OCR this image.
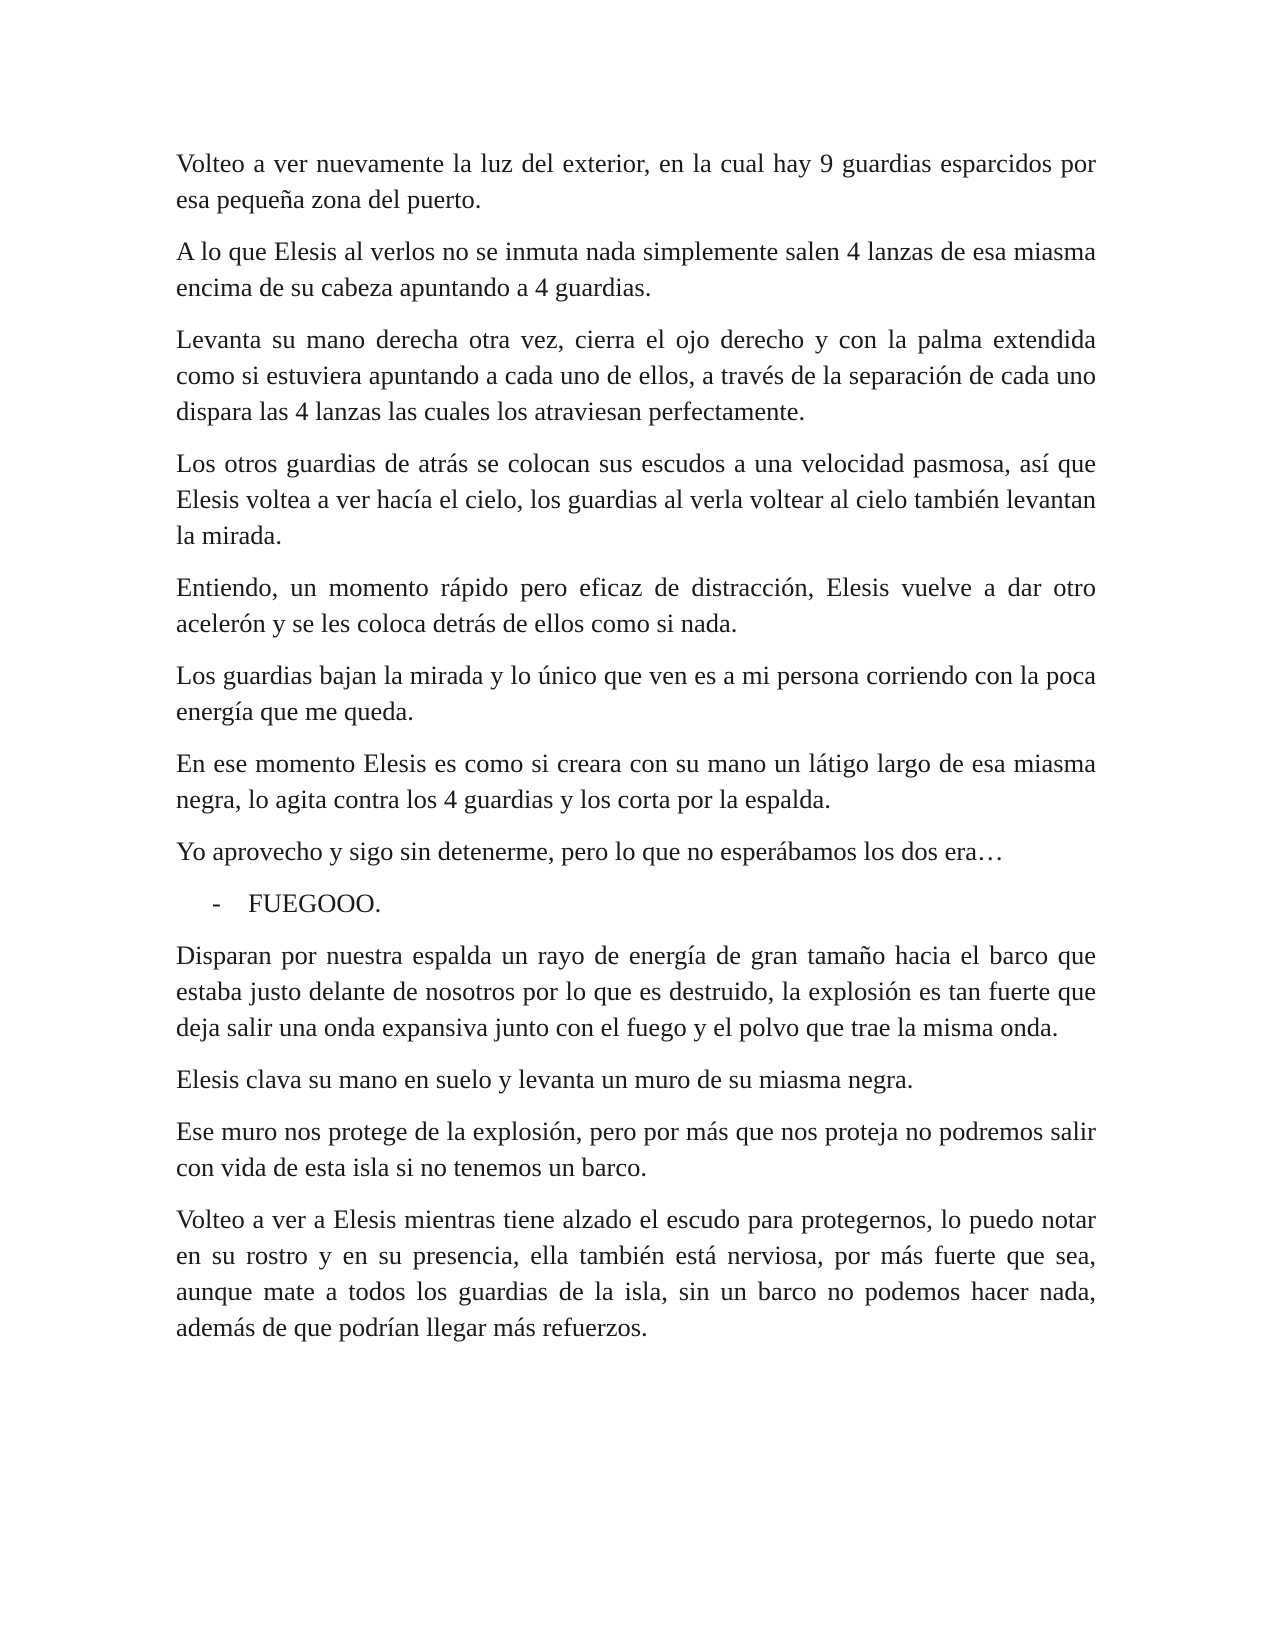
Volteo a ver nuevamente la luz del exterior, en la cual hay 9 guardias esparcidos por esa pequeña zona del puerto.

A lo que Elesis al verlos no se inmuta nada simplemente salen 4 lanzas de esa miasma encima de su cabeza apuntando a 4 guardias.

Levanta su mano derecha otra vez, cierra el ojo derecho y con la palma extendida como si estuviera apuntando a cada uno de ellos, a través de la separación de cada uno dispara las 4 lanzas las cuales los atraviesan perfectamente.

Los otros guardias de atrás se colocan sus escudos a una velocidad pasmosa, así que Elesis voltea a ver hacía el cielo, los guardias al verla voltear al cielo también levantan la mirada.

Entiendo, un momento rápido pero eficaz de distracción, Elesis vuelve a dar otro acelerón y se les coloca detrás de ellos como si nada.

Los guardias bajan la mirada y lo único que ven es a mi persona corriendo con la poca energía que me queda.

En ese momento Elesis es como si creara con su mano un látigo largo de esa miasma negra, lo agita contra los 4 guardias y los corta por la espalda.

Yo aprovecho y sigo sin detenerme, pero lo que no esperábamos los dos era…

-	FUEGOOO.

Disparan por nuestra espalda un rayo de energía de gran tamaño hacia el barco que estaba justo delante de nosotros por lo que es destruido, la explosión es tan fuerte que deja salir una onda expansiva junto con el fuego y el polvo que trae la misma onda.

Elesis clava su mano en suelo y levanta un muro de su miasma negra.

Ese muro nos protege de la explosión, pero por más que nos proteja no podremos salir con vida de esta isla si no tenemos un barco.

Volteo a ver a Elesis mientras tiene alzado el escudo para protegernos, lo puedo notar en su rostro y en su presencia, ella también está nerviosa, por más fuerte que sea, aunque mate a todos los guardias de la isla, sin un barco no podemos hacer nada, además de que podrían llegar más refuerzos.
